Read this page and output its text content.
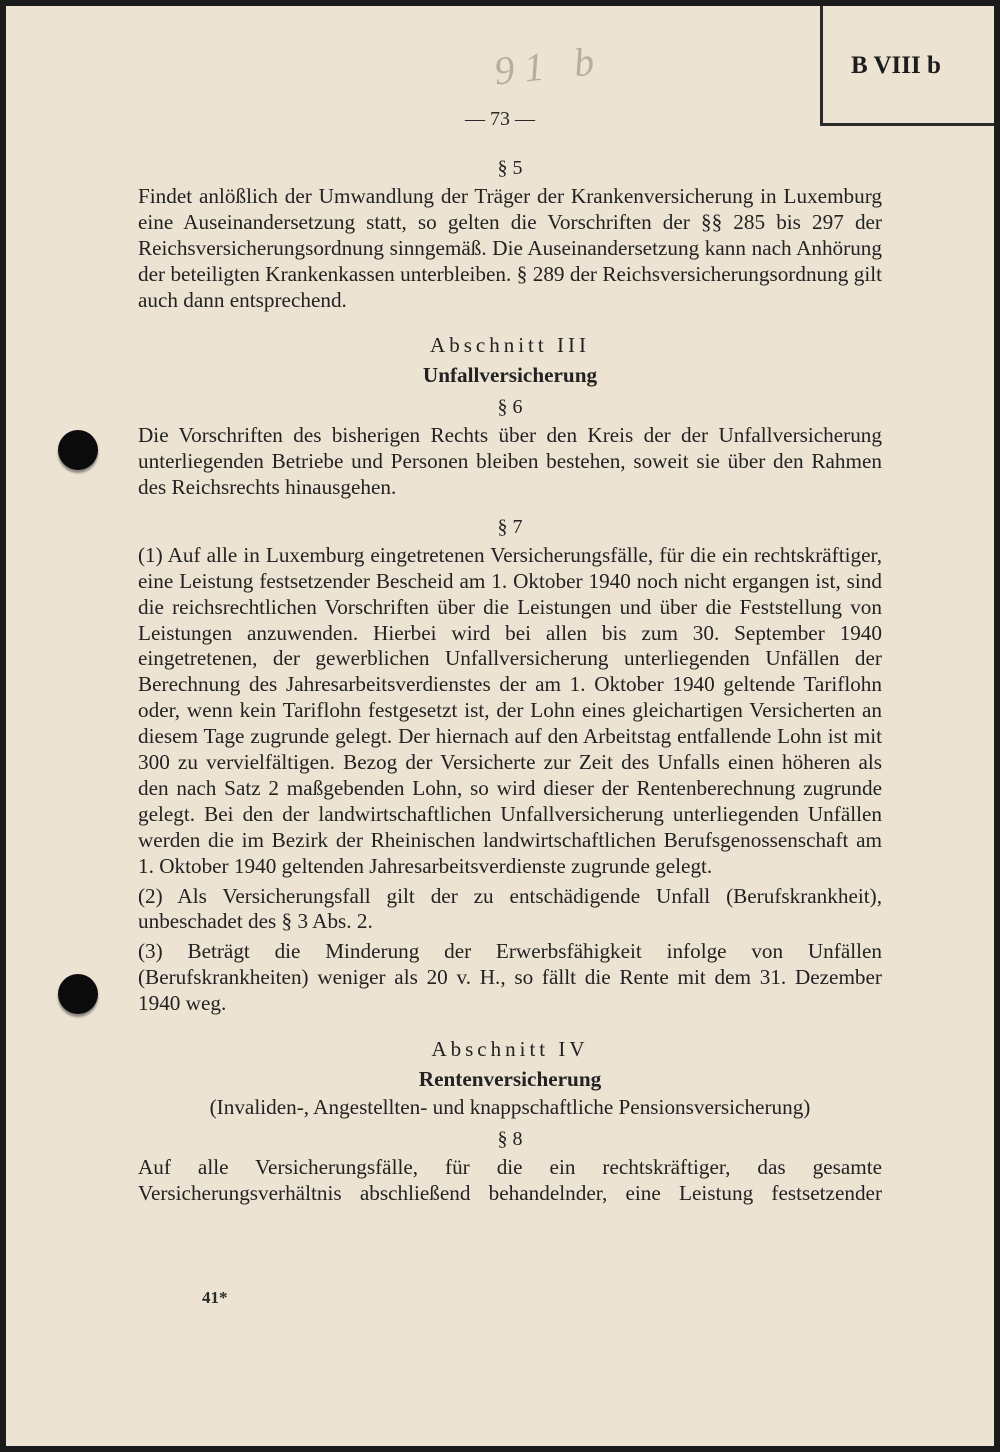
B VIII b
91 b
— 73 —
§ 5

Findet anlößlich der Umwandlung der Träger der Krankenversicherung in Luxemburg eine Auseinandersetzung statt, so gelten die Vorschriften der §§ 285 bis 297 der Reichsversicherungsordnung sinngemäß. Die Auseinandersetzung kann nach Anhörung der beteiligten Krankenkassen unterbleiben. § 289 der Reichsversicherungsordnung gilt auch dann entsprechend.

Abschnitt III
Unfallversicherung
§ 6

Die Vorschriften des bisherigen Rechts über den Kreis der der Unfallversicherung unterliegenden Betriebe und Personen bleiben bestehen, soweit sie über den Rahmen des Reichsrechts hinausgehen.

§ 7

(1) Auf alle in Luxemburg eingetretenen Versicherungsfälle, für die ein rechtskräftiger, eine Leistung festsetzender Bescheid am 1. Oktober 1940 noch nicht ergangen ist, sind die reichsrechtlichen Vorschriften über die Leistungen und über die Feststellung von Leistungen anzuwenden. Hierbei wird bei allen bis zum 30. September 1940 eingetretenen, der gewerblichen Unfallversicherung unterliegenden Unfällen der Berechnung des Jahresarbeitsverdienstes der am 1. Oktober 1940 geltende Tariflohn oder, wenn kein Tariflohn festgesetzt ist, der Lohn eines gleichartigen Versicherten an diesem Tage zugrunde gelegt. Der hiernach auf den Arbeitstag entfallende Lohn ist mit 300 zu vervielfältigen. Bezog der Versicherte zur Zeit des Unfalls einen höheren als den nach Satz 2 maßgebenden Lohn, so wird dieser der Rentenberechnung zugrunde gelegt. Bei den der landwirtschaftlichen Unfallversicherung unterliegenden Unfällen werden die im Bezirk der Rheinischen landwirtschaftlichen Berufsgenossenschaft am 1. Oktober 1940 geltenden Jahresarbeitsverdienste zugrunde gelegt.

(2) Als Versicherungsfall gilt der zu entschädigende Unfall (Berufskrankheit), unbeschadet des § 3 Abs. 2.

(3) Beträgt die Minderung der Erwerbsfähigkeit infolge von Unfällen (Berufskrankheiten) weniger als 20 v. H., so fällt die Rente mit dem 31. Dezember 1940 weg.

Abschnitt IV
Rentenversicherung
(Invaliden-, Angestellten- und knappschaftliche Pensionsversicherung)
§ 8

Auf alle Versicherungsfälle, für die ein rechtskräftiger, das gesamte Versicherungsverhältnis abschließend behandelnder, eine Leistung festsetzender

41*
